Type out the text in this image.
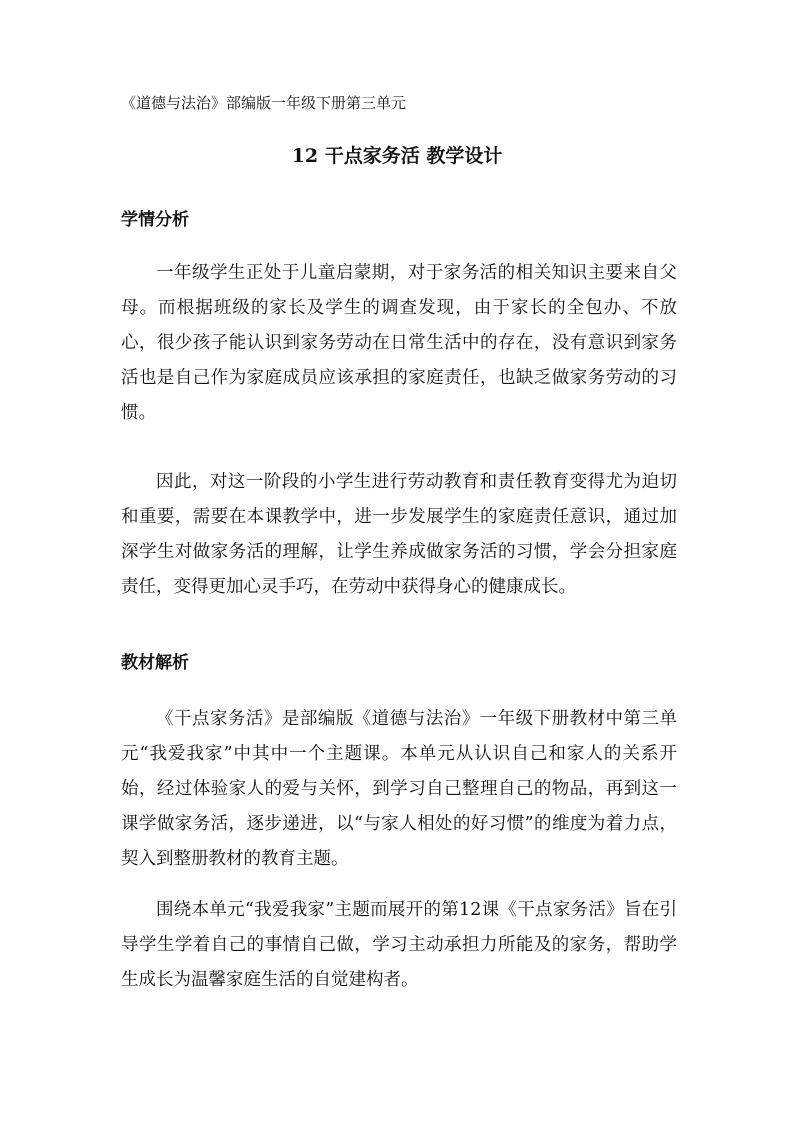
《道德与法治》部编版一年级下册第三单元
12 干点家务活 教学设计
学情分析

一年级学生正处于儿童启蒙期，对于家务活的相关知识主要来自父母。而根据班级的家长及学生的调查发现，由于家长的全包办、不放心，很少孩子能认识到家务劳动在日常生活中的存在，没有意识到家务活也是自己作为家庭成员应该承担的家庭责任，也缺乏做家务劳动的习惯。

因此，对这一阶段的小学生进行劳动教育和责任教育变得尤为迫切和重要，需要在本课教学中，进一步发展学生的家庭责任意识，通过加深学生对做家务活的理解，让学生养成做家务活的习惯，学会分担家庭责任，变得更加心灵手巧，在劳动中获得身心的健康成长。

教材解析

《干点家务活》是部编版《道德与法治》一年级下册教材中第三单元“我爱我家”中其中一个主题课。本单元从认识自己和家人的关系开始，经过体验家人的爱与关怀，到学习自己整理自己的物品，再到这一课学做家务活，逐步递进，以“与家人相处的好习惯”的维度为着力点，契入到整册教材的教育主题。

围绕本单元“我爱我家”主题而展开的第12课《干点家务活》旨在引导学生学着自己的事情自己做，学习主动承担力所能及的家务，帮助学生成长为温馨家庭生活的自觉建构者。
